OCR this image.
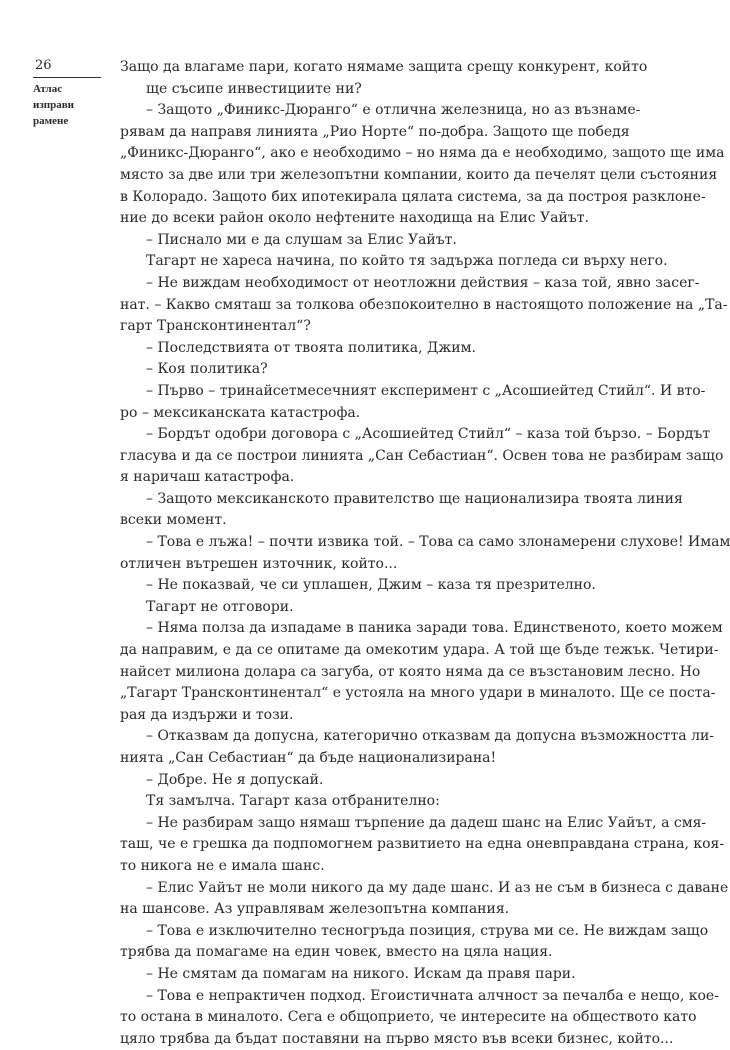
26
Атлас изправи
рамене
Защо да влагаме пари, когато нямаме защита срещу конкурент, който
ще съсипе инвестициите ни?
– Защото „Финикс-Дюранго“ е отлична железница, но аз възнаме-
рявам да направя линията „Рио Норте“ по-добра. Защото ще победя
„Финикс-Дюранго“, ако е необходимо – но няма да е необходимо, защото ще има
място за две или три железопътни компании, които да печелят цели състояния
в Колорадо. Защото бих ипотекирала цялата система, за да построя разклоне-
ние до всеки район около нефтените находища на Елис Уайът.
– Писнало ми е да слушам за Елис Уайът.
Тагарт не хареса начина, по който тя задържа погледа си върху него.
– Не виждам необходимост от неотложни действия – каза той, явно засег-
нат. – Какво смяташ за толкова обезпокоително в настоящото положение на „Та-
гарт Трансконтинентал“?
– Последствията от твоята политика, Джим.
– Коя политика?
– Първо – тринайсетмесечният експеримент с „Асошиейтед Стийл“. И вто-
ро – мексиканската катастрофа.
– Бордът одобри договора с „Асошиейтед Стийл“ – каза той бързо. – Бордът
гласува и да се построи линията „Сан Себастиан“. Освен това не разбирам защо
я наричаш катастрофа.
– Защото мексиканското правителство ще национализира твоята линия
всеки момент.
– Това е лъжа! – почти извика той. – Това са само злонамерени слухове! Имам
отличен вътрешен източник, който...
– Не показвай, че си уплашен, Джим – каза тя презрително.
Тагарт не отговори.
– Няма полза да изпадаме в паника заради това. Единственото, което можем
да направим, е да се опитаме да омекотим удара. А той ще бъде тежък. Четири-
найсет милиона долара са загуба, от която няма да се възстановим лесно. Но
„Тагарт Трансконтинентал“ е устояла на много удари в миналото. Ще се поста-
рая да издържи и този.
– Отказвам да допусна, категорично отказвам да допусна възможността ли-
нията „Сан Себастиан“ да бъде национализирана!
– Добре. Не я допускай.
Тя замълча. Тагарт каза отбранително:
– Не разбирам защо нямаш търпение да дадеш шанс на Елис Уайът, а смя-
таш, че е грешка да подпомогнем развитието на една оневправдана страна, коя-
то никога не е имала шанс.
– Елис Уайът не моли никого да му даде шанс. И аз не съм в бизнеса с даване
на шансове. Аз управлявам железопътна компания.
– Това е изключително тесногръда позиция, струва ми се. Не виждам защо
трябва да помагаме на един човек, вместо на цяла нация.
– Не смятам да помагам на никого. Искам да правя пари.
– Това е непрактичен подход. Егоистичната алчност за печалба е нещо, кое-
то остана в миналото. Сега е общоприето, че интересите на обществото като
цяло трябва да бъдат поставяни на първо място във всеки бизнес, който...
